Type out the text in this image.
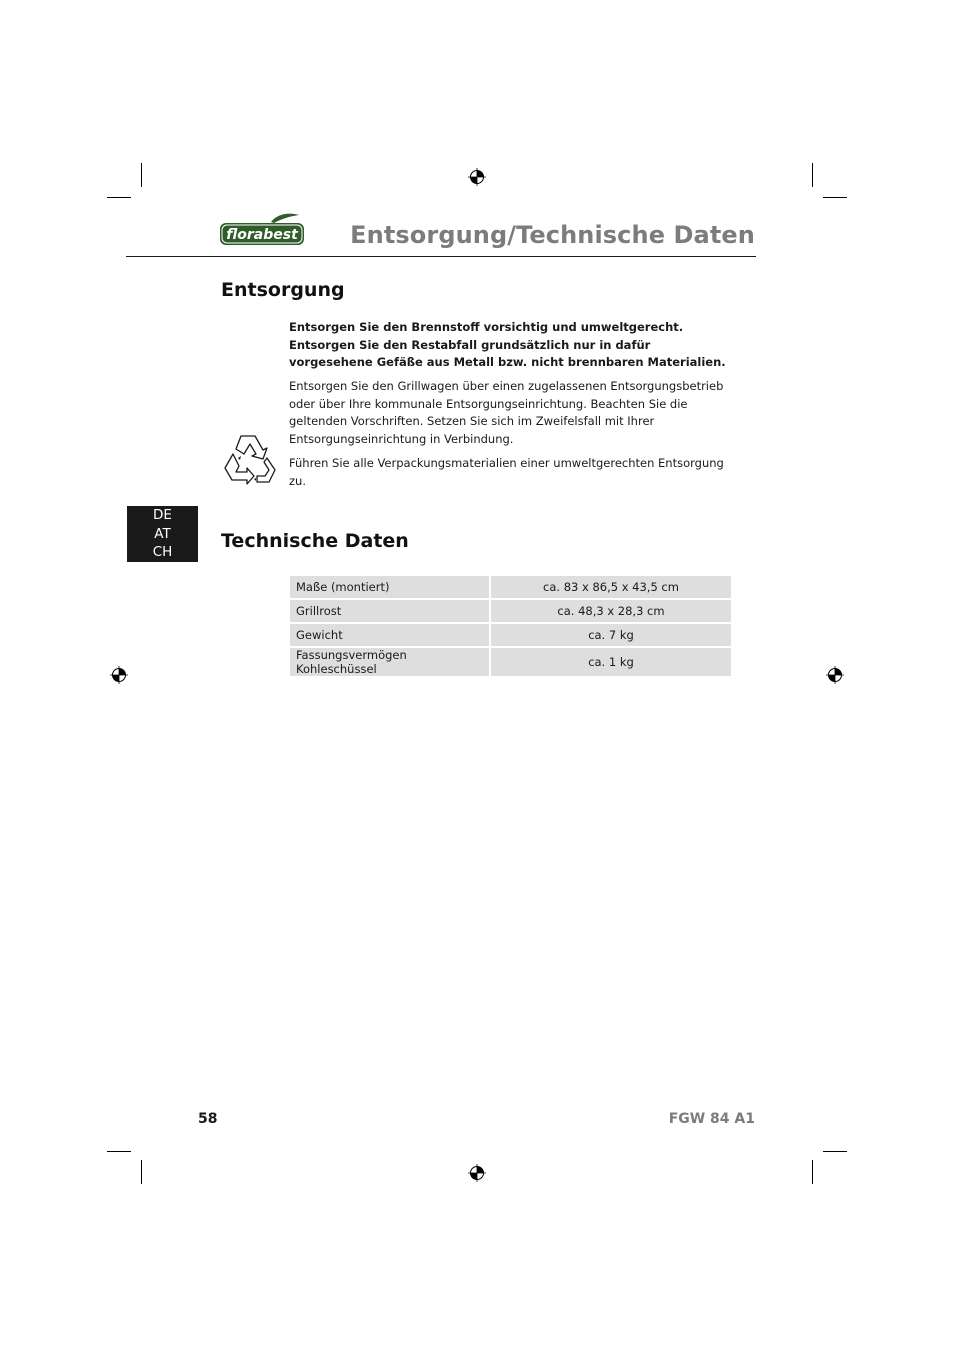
florabest Entsorgung/Technische Daten
Entsorgung

Entsorgen Sie den Brennstoff vorsichtig und umweltgerecht. Entsorgen Sie den Restabfall grundsätzlich nur in dafür vorgesehene Gefäße aus Metall bzw. nicht brennbaren Materialien.

Entsorgen Sie den Grillwagen über einen zugelassenen Entsorgungsbetrieb oder über Ihre kommunale Entsorgungseinrichtung. Beachten Sie die geltenden Vorschriften. Setzen Sie sich im Zweifelsfall mit Ihrer Entsorgungseinrichtung in Verbindung.

Führen Sie alle Verpackungsmaterialien einer umweltgerechten Entsorgung zu.

DE
AT
CH	Technische Daten
Maße (montiert)	ca. 83 x 86,5 x 43,5 cm
Grillrost	ca. 48,3 x 28,3 cm
Gewicht	ca. 7 kg
Fassungsvermögen Kohleschüssel	ca. 1 kg
58	FGW 84 A1
